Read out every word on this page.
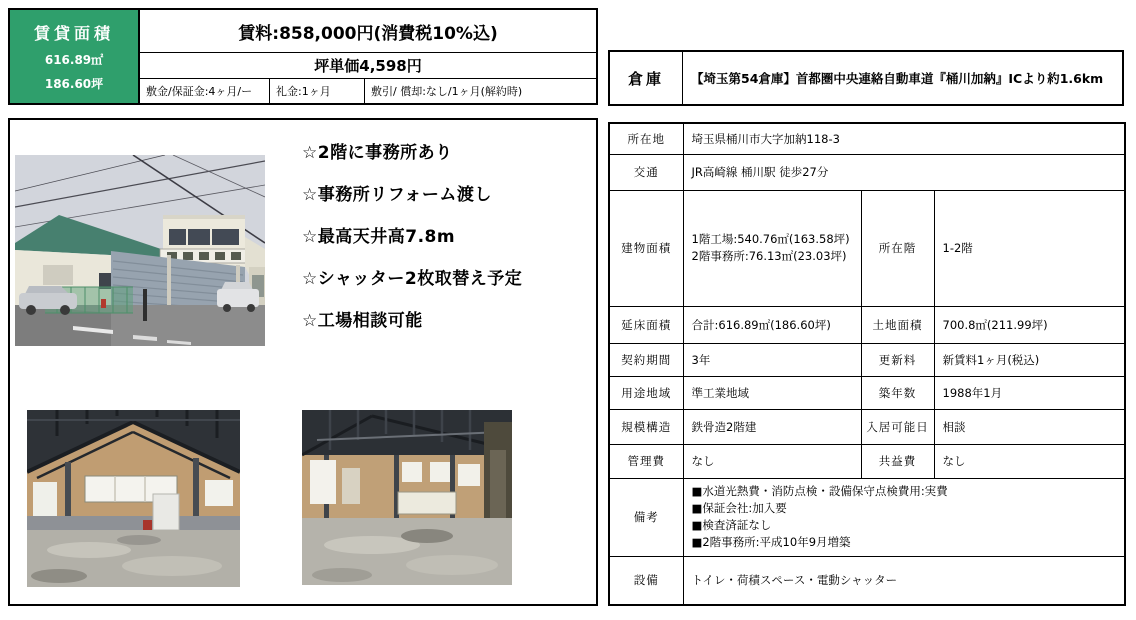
賃貸面積
616.89㎡
186.60坪
賃料:858,000円(消費税10%込)
坪単価4,598円
敷金/保証金:4ヶ月/ー	礼金:1ヶ月	敷引/ 償却:なし/1ヶ月(解約時)
☆2階に事務所あり
☆事務所リフォーム渡し
☆最高天井高7.8m
☆シャッター2枚取替え予定
☆工場相談可能
倉庫	【埼玉第54倉庫】首都圏中央連絡自動車道『桶川加納』ICより約1.6km
所在地	埼玉県桶川市大字加納118-3		
交通	JR高崎線 桶川駅 徒歩27分		
建物面積	1階工場:540.76㎡(163.58坪)
2階事務所:76.13㎡(23.03坪)	所在階	1-2階
延床面積	合計:616.89㎡(186.60坪)	土地面積	700.8㎡(211.99坪)
契約期間	3年	更新料	新賃料1ヶ月(税込)
用途地域	準工業地域	築年数	1988年1月
規模構造	鉄骨造2階建	入居可能日	相談
管理費	なし	共益費	なし
備考	■水道光熱費・消防点検・設備保守点検費用:実費
■保証会社:加入要
■検査済証なし
■2階事務所:平成10年9月増築		

設備	トイレ・荷積スペース・電動シャッター		
